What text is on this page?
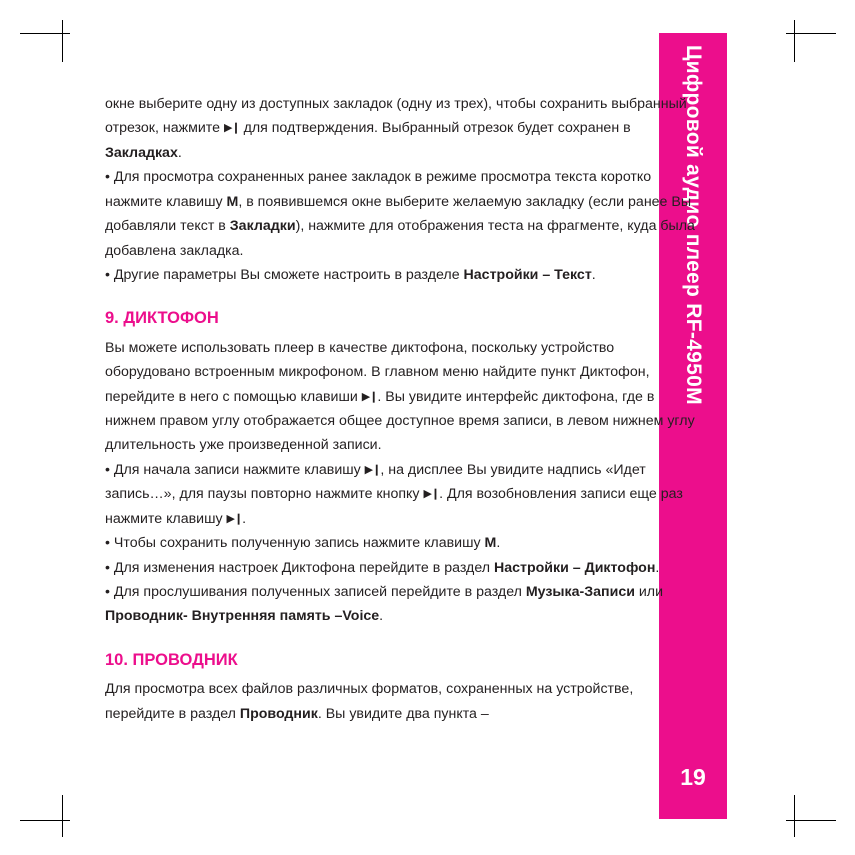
Цифровой аудио плеер RF-4950M
19

окне выберите одну из доступных закладок (одну из трех), чтобы сохранить выбранный отрезок, нажмите ▶❙ для подтверждения. Выбранный отрезок будет сохранен в Закладках.

• Для просмотра сохраненных ранее закладок в режиме просмотра текста коротко нажмите клавишу M, в появившемся окне выберите желаемую закладку (если ранее Вы добавляли текст в Закладки), нажмите для отображения теста на фрагменте, куда была добавлена закладка.

• Другие параметры Вы сможете настроить в разделе Настройки – Текст.

9. ДИКТОФОН

Вы можете использовать плеер в качестве диктофона, поскольку устройство оборудовано встроенным микрофоном. В главном меню найдите пункт Диктофон, перейдите в него с помощью клавиши ▶❙. Вы увидите интерфейс диктофона, где в нижнем правом углу отображается общее доступное время записи, в левом нижнем углу длительность уже произведенной записи.

• Для начала записи нажмите клавишу ▶❙, на дисплее Вы увидите надпись «Идет запись…», для паузы повторно нажмите кнопку ▶❙. Для возобновления записи еще раз нажмите клавишу ▶❙.

• Чтобы сохранить полученную запись нажмите клавишу M.

• Для изменения настроек Диктофона перейдите в раздел Настройки – Диктофон.

• Для прослушивания полученных записей перейдите в раздел Музыка-Записи или Проводник- Внутренняя память –Voice.

10. ПРОВОДНИК

Для просмотра всех файлов различных форматов, сохраненных на устройстве, перейдите в раздел Проводник. Вы увидите два пункта –
